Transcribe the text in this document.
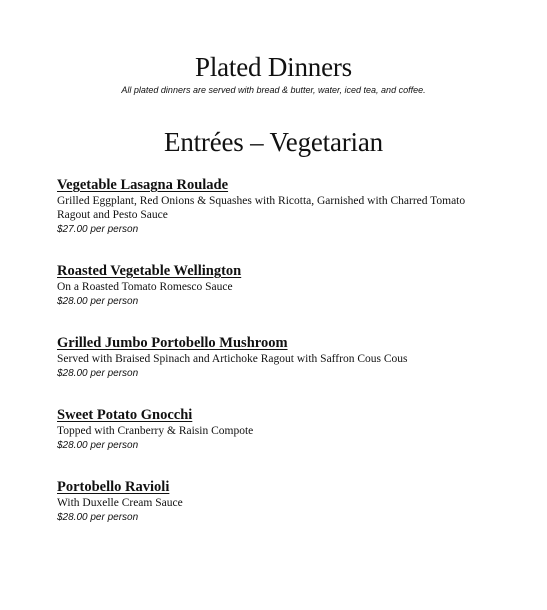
Plated Dinners
All plated dinners are served with bread & butter, water, iced tea, and coffee.
Entrées – Vegetarian
Vegetable Lasagna Roulade
Grilled Eggplant, Red Onions & Squashes with Ricotta, Garnished with Charred Tomato Ragout and Pesto Sauce
$27.00 per person
Roasted Vegetable Wellington
On a Roasted Tomato Romesco Sauce
$28.00 per person
Grilled Jumbo Portobello Mushroom
Served with Braised Spinach and Artichoke Ragout with Saffron Cous Cous
$28.00 per person
Sweet Potato Gnocchi
Topped with Cranberry & Raisin Compote
$28.00 per person
Portobello Ravioli
With Duxelle Cream Sauce
$28.00 per person
